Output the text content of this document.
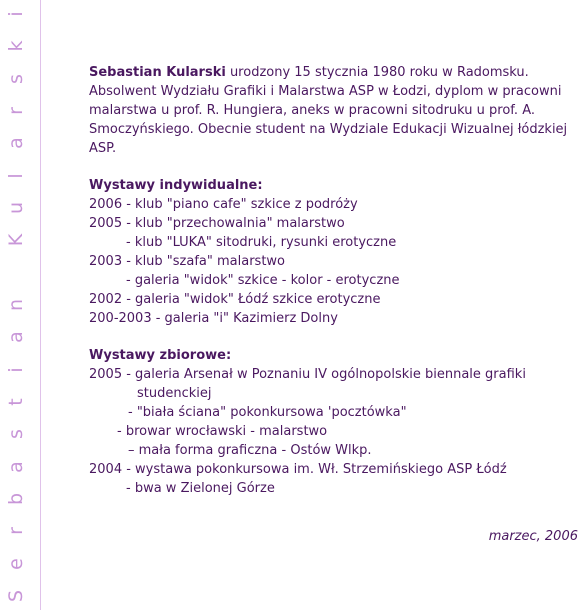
i
k
s
r
a
l
u
K
n
a
i
t
s
a
b
r
e
S

Sebastian Kularski urodzony 15 stycznia 1980 roku w Radomsku. Absolwent Wydziału Grafiki i Malarstwa ASP w Łodzi, dyplom w pracowni malarstwa u prof. R. Hungiera, aneks w pracowni sitodruku u prof. A. Smoczyńskiego. Obecnie student na Wydziale Edukacji Wizualnej łódzkiej ASP.

Wystawy indywidualne:
2006 - klub "piano cafe" szkice z podróży
2005 - klub "przechowalnia" malarstwo
- klub "LUKA" sitodruki, rysunki erotyczne
2003 - klub "szafa" malarstwo
- galeria "widok" szkice - kolor - erotyczne
2002 - galeria "widok" Łódź szkice erotyczne
200-2003 - galeria "i" Kazimierz Dolny
Wystawy zbiorowe:
2005 - galeria Arsenał w Poznaniu IV ogólnopolskie biennale grafiki
studenckiej
- "biała ściana" pokonkursowa 'pocztówka"
- browar wrocławski - malarstwo
– mała forma graficzna - Ostów Wlkp.
2004 - wystawa pokonkursowa im. Wł. Strzemińskiego ASP Łódź
- bwa w Zielonej Górze
marzec, 2006
